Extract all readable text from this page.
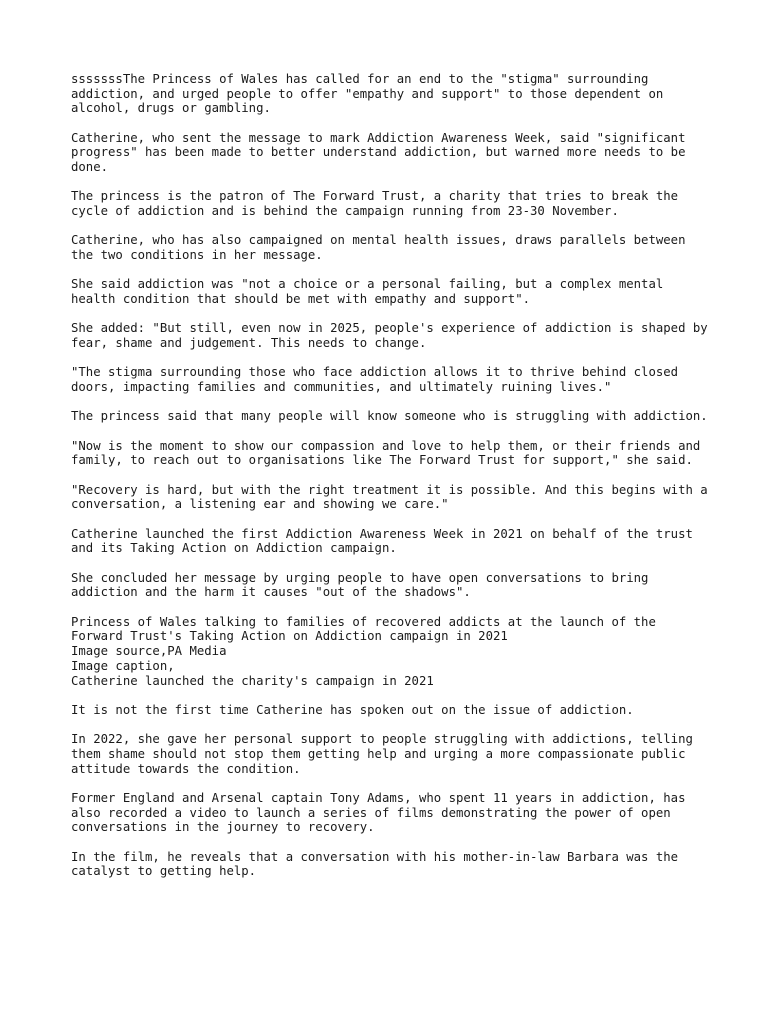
sssssssThe Princess of Wales has called for an end to the "stigma" surrounding addiction, and urged people to offer "empathy and support" to those dependent on alcohol, drugs or gambling.

Catherine, who sent the message to mark Addiction Awareness Week, said "significant progress" has been made to better understand addiction, but warned more needs to be done.

The princess is the patron of The Forward Trust, a charity that tries to break the cycle of addiction and is behind the campaign running from 23-30 November.

Catherine, who has also campaigned on mental health issues, draws parallels between the two conditions in her message.

She said addiction was "not a choice or a personal failing, but a complex mental health condition that should be met with empathy and support".

She added: "But still, even now in 2025, people's experience of addiction is shaped by fear, shame and judgement. This needs to change.

"The stigma surrounding those who face addiction allows it to thrive behind closed doors, impacting families and communities, and ultimately ruining lives."

The princess said that many people will know someone who is struggling with addiction.

"Now is the moment to show our compassion and love to help them, or their friends and family, to reach out to organisations like The Forward Trust for support," she said.

"Recovery is hard, but with the right treatment it is possible. And this begins with a conversation, a listening ear and showing we care."

Catherine launched the first Addiction Awareness Week in 2021 on behalf of the trust and its Taking Action on Addiction campaign.

She concluded her message by urging people to have open conversations to bring addiction and the harm it causes "out of the shadows".

Princess of Wales talking to families of recovered addicts at the launch of the Forward Trust's Taking Action on Addiction campaign in 2021
Image source,PA Media
Image caption,
Catherine launched the charity's campaign in 2021

It is not the first time Catherine has spoken out on the issue of addiction.

In 2022, she gave her personal support to people struggling with addictions, telling them shame should not stop them getting help and urging a more compassionate public attitude towards the condition.

Former England and Arsenal captain Tony Adams, who spent 11 years in addiction, has also recorded a video to launch a series of films demonstrating the power of open conversations in the journey to recovery.

In the film, he reveals that a conversation with his mother-in-law Barbara was the catalyst to getting help.
